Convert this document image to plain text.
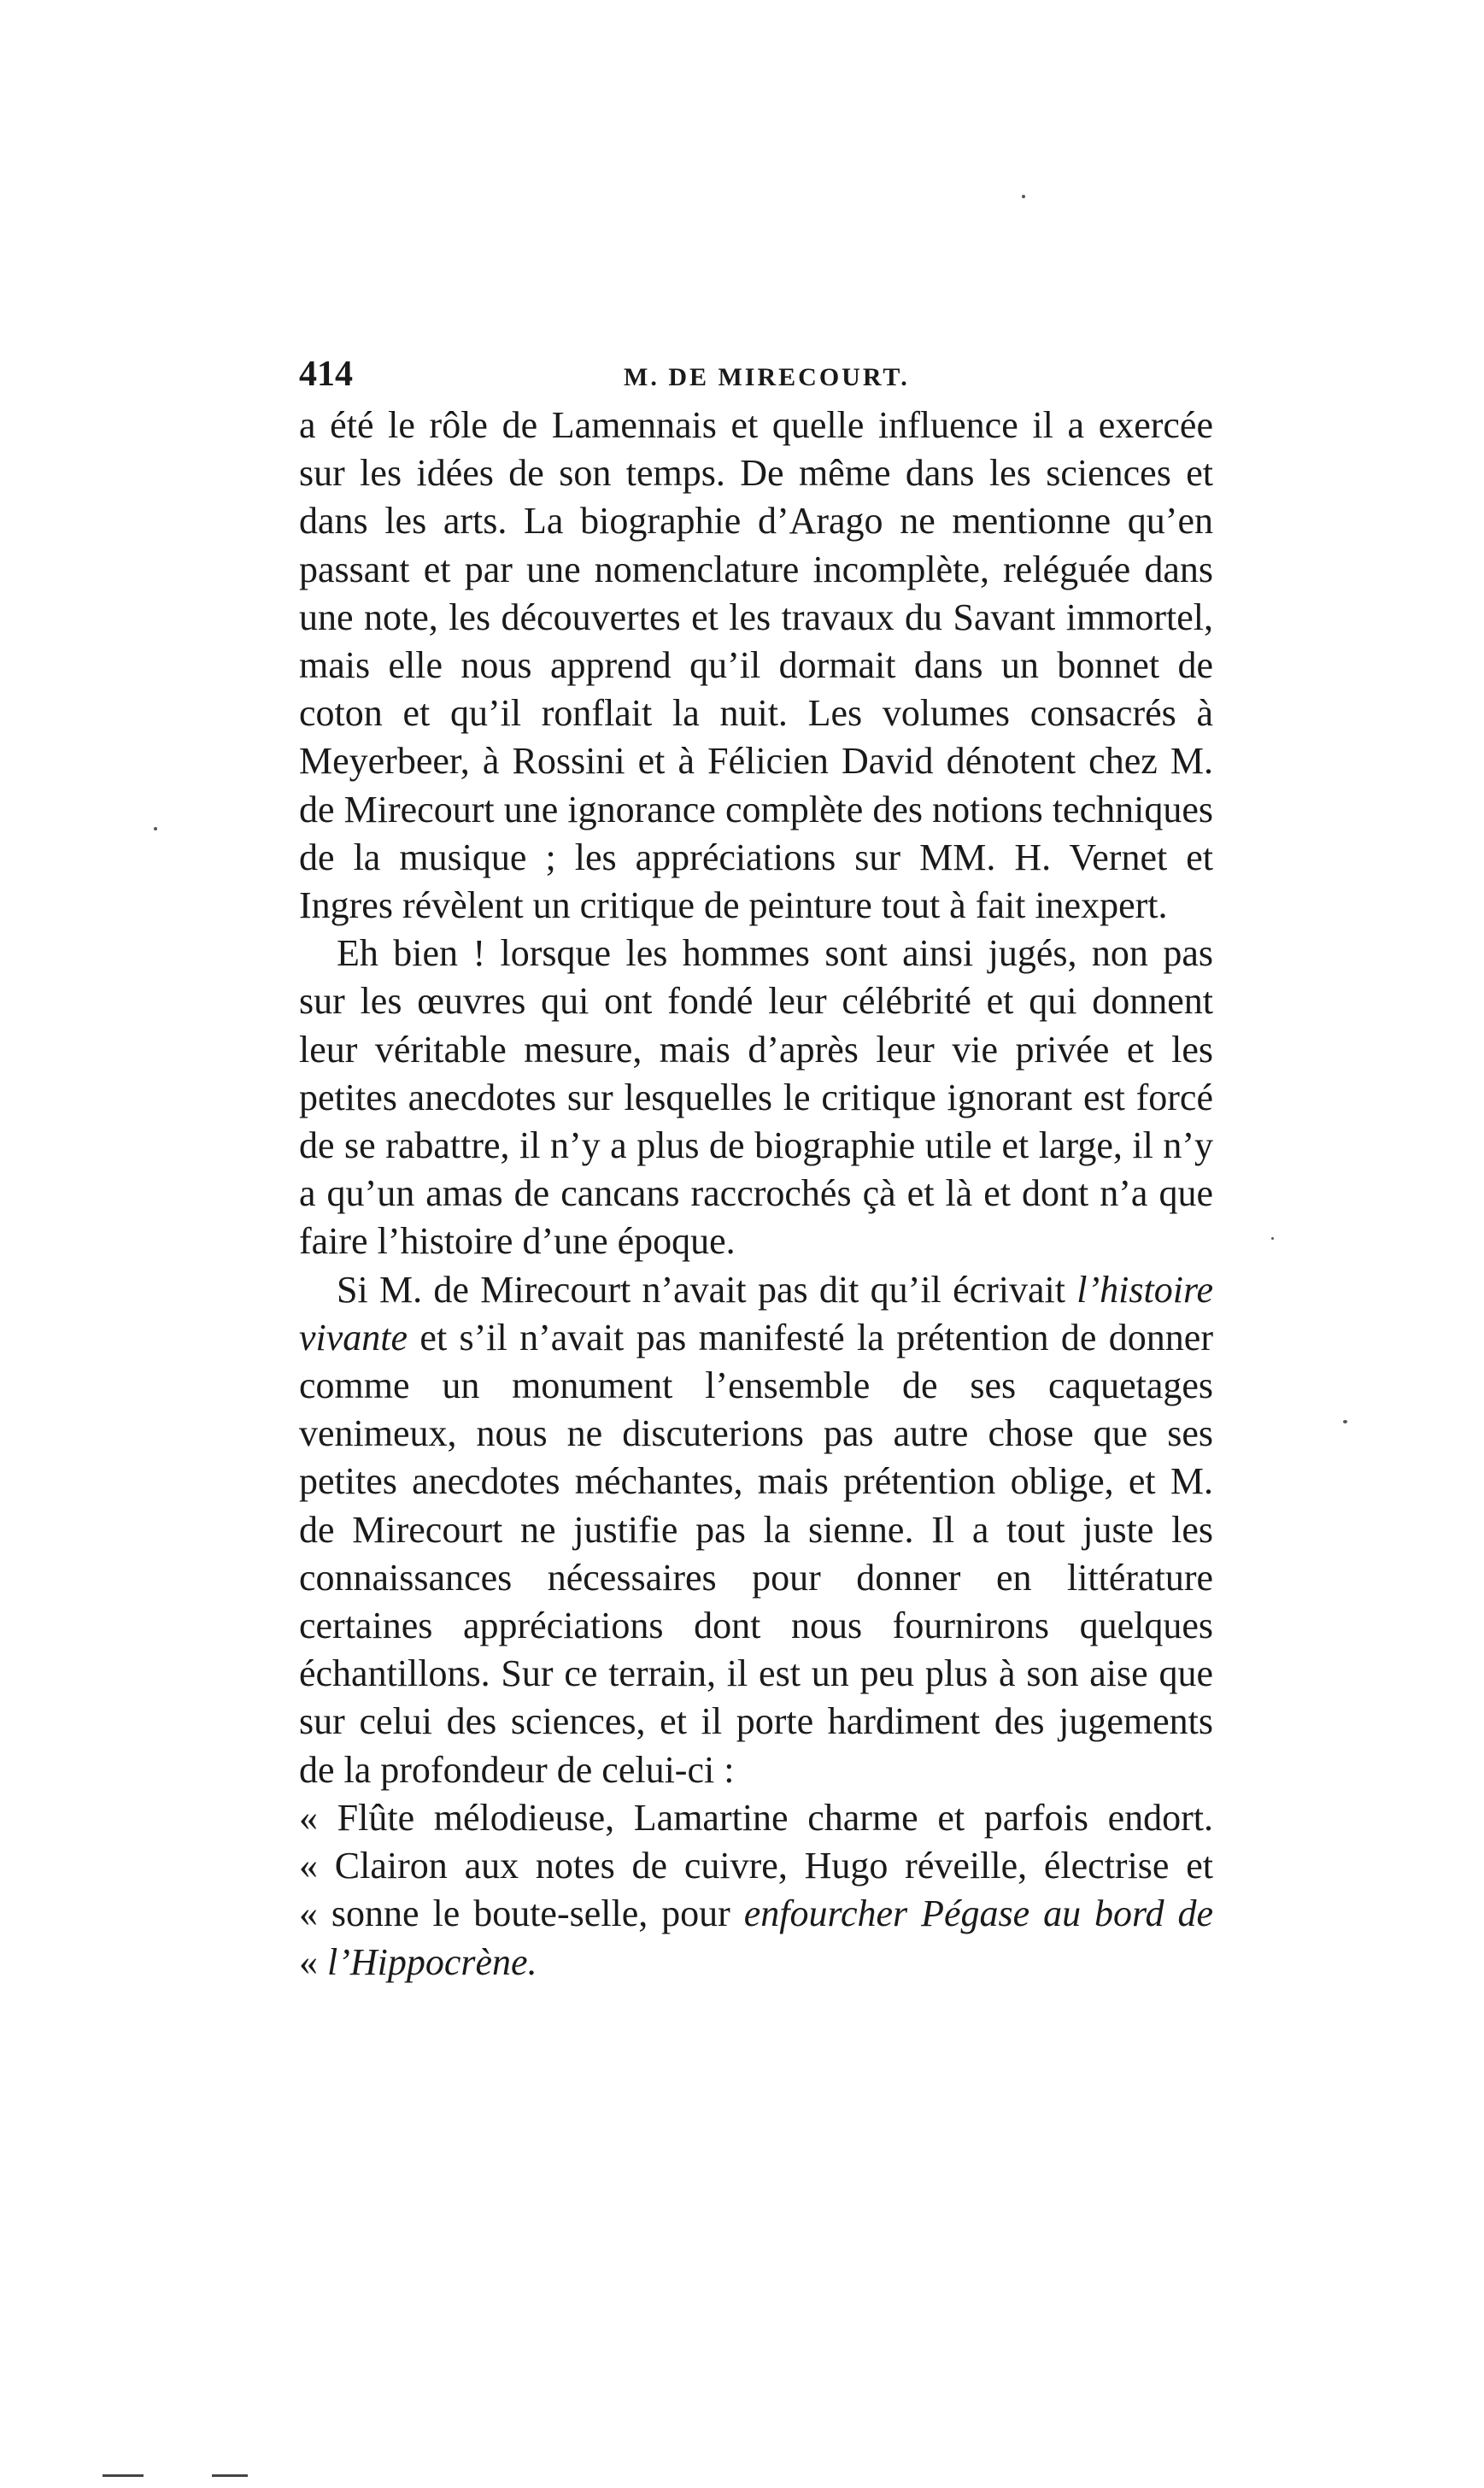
414	M. DE MIRECOURT.

a été le rôle de Lamennais et quelle influence il a exercée sur les idées de son temps. De même dans les sciences et dans les arts. La biographie d’Arago ne mentionne qu’en passant et par une nomenclature incomplète, reléguée dans une note, les découvertes et les travaux du Savant immortel, mais elle nous apprend qu’il dormait dans un bonnet de coton et qu’il ronflait la nuit. Les volumes consacrés à Meyerbeer, à Rossini et à Félicien David dénotent chez M. de Mirecourt une ignorance complète des notions techniques de la musique ; les appréciations sur MM. H. Vernet et Ingres révèlent un critique de peinture tout à fait inexpert.

Eh bien ! lorsque les hommes sont ainsi jugés, non pas sur les œuvres qui ont fondé leur célébrité et qui donnent leur véritable mesure, mais d’après leur vie privée et les petites anecdotes sur lesquelles le critique ignorant est forcé de se rabattre, il n’y a plus de biographie utile et large, il n’y a qu’un amas de cancans raccrochés çà et là et dont n’a que faire l’histoire d’une époque.

Si M. de Mirecourt n’avait pas dit qu’il écrivait l’histoire vivante et s’il n’avait pas manifesté la prétention de donner comme un monument l’ensemble de ses caquetages venimeux, nous ne discuterions pas autre chose que ses petites anecdotes méchantes, mais prétention oblige, et M. de Mirecourt ne justifie pas la sienne. Il a tout juste les connaissances nécessaires pour donner en littérature certaines appréciations dont nous fournirons quelques échantillons. Sur ce terrain, il est un peu plus à son aise que sur celui des sciences, et il porte hardiment des jugements de la profondeur de celui-ci :

« Flûte mélodieuse, Lamartine charme et parfois endort.
« Clairon aux notes de cuivre, Hugo réveille, électrise et
« sonne le boute-selle, pour enfourcher Pégase au bord de
« l’Hippocrène.
